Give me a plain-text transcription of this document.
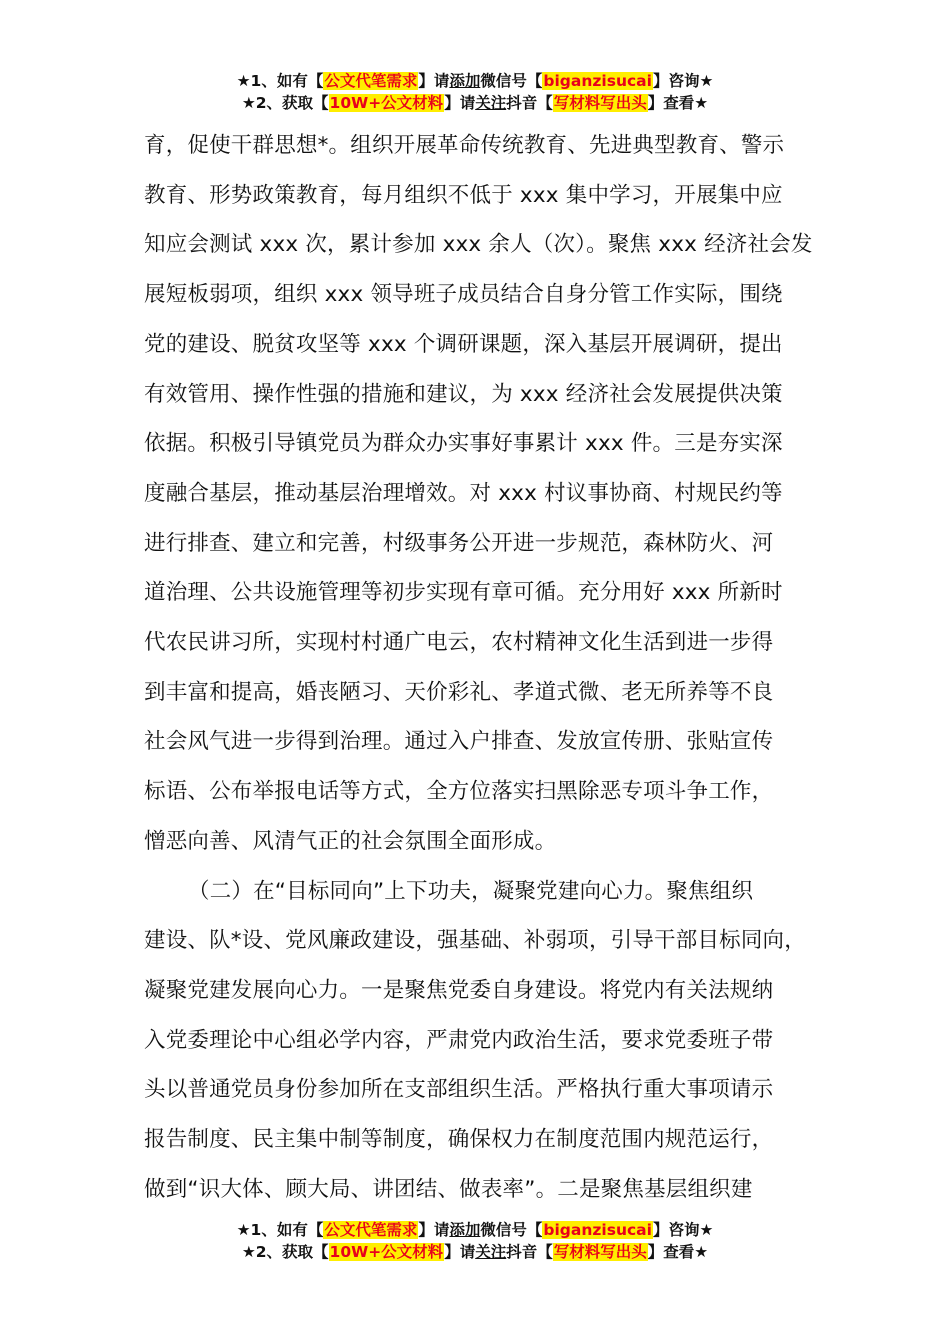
★1、如有【公文代笔需求】请添加微信号【biganzisucai】咨询★
★2、获取【10W+公文材料】请关注抖音【写材料写出头】查看★

育，促使干群思想*。组织开展革命传统教育、先进典型教育、警示

教育、形势政策教育，每月组织不低于 xxx 集中学习，开展集中应

知应会测试 xxx 次，累计参加 xxx 余人（次）。聚焦 xxx 经济社会发

展短板弱项，组织 xxx 领导班子成员结合自身分管工作实际，围绕

党的建设、脱贫攻坚等 xxx 个调研课题，深入基层开展调研，提出

有效管用、操作性强的措施和建议，为 xxx 经济社会发展提供决策

依据。积极引导镇党员为群众办实事好事累计 xxx 件。三是夯实深

度融合基层，推动基层治理增效。对 xxx 村议事协商、村规民约等

进行排查、建立和完善，村级事务公开进一步规范，森林防火、河

道治理、公共设施管理等初步实现有章可循。充分用好 xxx 所新时

代农民讲习所，实现村村通广电云，农村精神文化生活到进一步得

到丰富和提高，婚丧陋习、天价彩礼、孝道式微、老无所养等不良

社会风气进一步得到治理。通过入户排查、发放宣传册、张贴宣传

标语、公布举报电话等方式，全方位落实扫黑除恶专项斗争工作，

憎恶向善、风清气正的社会氛围全面形成。

（二）在“目标同向”上下功夫，凝聚党建向心力。聚焦组织

建设、队*设、党风廉政建设，强基础、补弱项，引导干部目标同向，

凝聚党建发展向心力。一是聚焦党委自身建设。将党内有关法规纳

入党委理论中心组必学内容，严肃党内政治生活，要求党委班子带

头以普通党员身份参加所在支部组织生活。严格执行重大事项请示

报告制度、民主集中制等制度，确保权力在制度范围内规范运行，

做到“识大体、顾大局、讲团结、做表率”。二是聚焦基层组织建

★1、如有【公文代笔需求】请添加微信号【biganzisucai】咨询★
★2、获取【10W+公文材料】请关注抖音【写材料写出头】查看★
